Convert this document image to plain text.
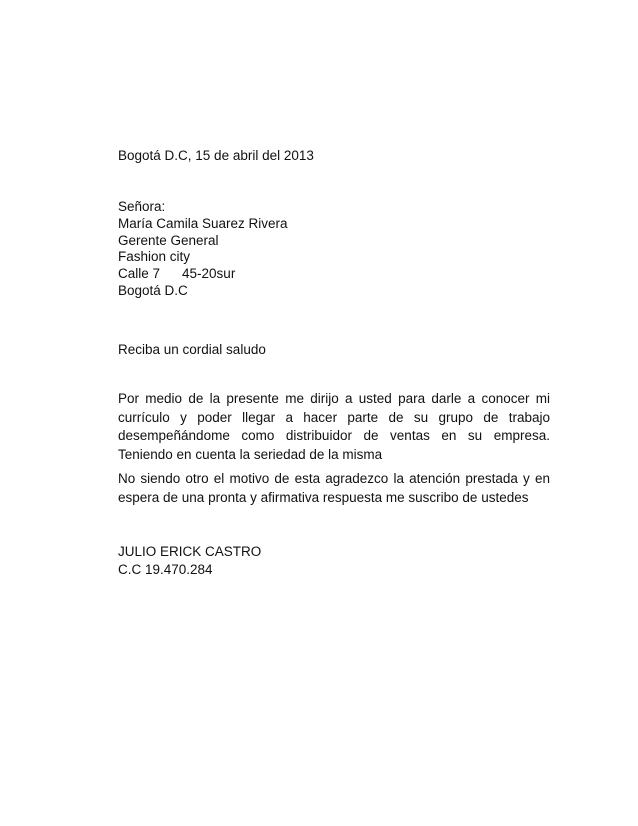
Bogotá D.C, 15 de abril del 2013
Señora:
María Camila Suarez Rivera
Gerente General
Fashion city
Calle 7 45-20sur
Bogotá D.C
Reciba un cordial saludo
Por medio de la presente me dirijo a usted para darle a conocer mi currículo y poder llegar a hacer parte de su grupo de trabajo desempeñándome como distribuidor de ventas en su empresa. Teniendo en cuenta la seriedad de la misma
No siendo otro el motivo de esta agradezco la atención prestada y en espera de una pronta y afirmativa respuesta me suscribo de ustedes
JULIO ERICK CASTRO
C.C 19.470.284
